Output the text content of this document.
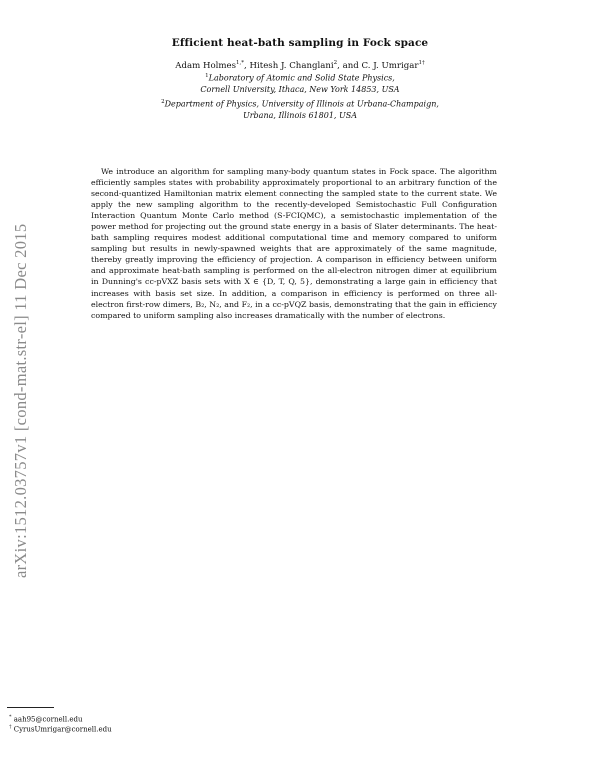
Efficient heat-bath sampling in Fock space
Adam Holmes$^{1,*}$, Hitesh J. Changlani$^2$, and C. J. Umrigar$^{1\dagger}$
$^1$Laboratory of Atomic and Solid State Physics,
Cornell University, Ithaca, New York 14853, USA
$^2$Department of Physics, University of Illinois at Urbana-Champaign,
Urbana, Illinois 61801, USA
We introduce an algorithm for sampling many-body quantum states in Fock space. The algorithm efficiently samples states with probability approximately proportional to an arbitrary function of the second-quantized Hamiltonian matrix element connecting the sampled state to the current state. We apply the new sampling algorithm to the recently-developed Semistochastic Full Configuration Interaction Quantum Monte Carlo method (S-FCIQMC), a semistochastic implementation of the power method for projecting out the ground state energy in a basis of Slater determinants. The heat-bath sampling requires modest additional computational time and memory compared to uniform sampling but results in newly-spawned weights that are approximately of the same magnitude, thereby greatly improving the efficiency of projection. A comparison in efficiency between uniform and approximate heat-bath sampling is performed on the all-electron nitrogen dimer at equilibrium in Dunning's cc-pVXZ basis sets with X ∈ {D, T, Q, 5}, demonstrating a large gain in efficiency that increases with basis set size. In addition, a comparison in efficiency is performed on three all-electron first-row dimers, B₂, N₂, and F₂, in a cc-pVQZ basis, demonstrating that the gain in efficiency compared to uniform sampling also increases dramatically with the number of electrons.
arXiv:1512.03757v1 [cond-mat.str-el] 11 Dec 2015
* aah95@cornell.edu
† CyrusUmrigar@cornell.edu
